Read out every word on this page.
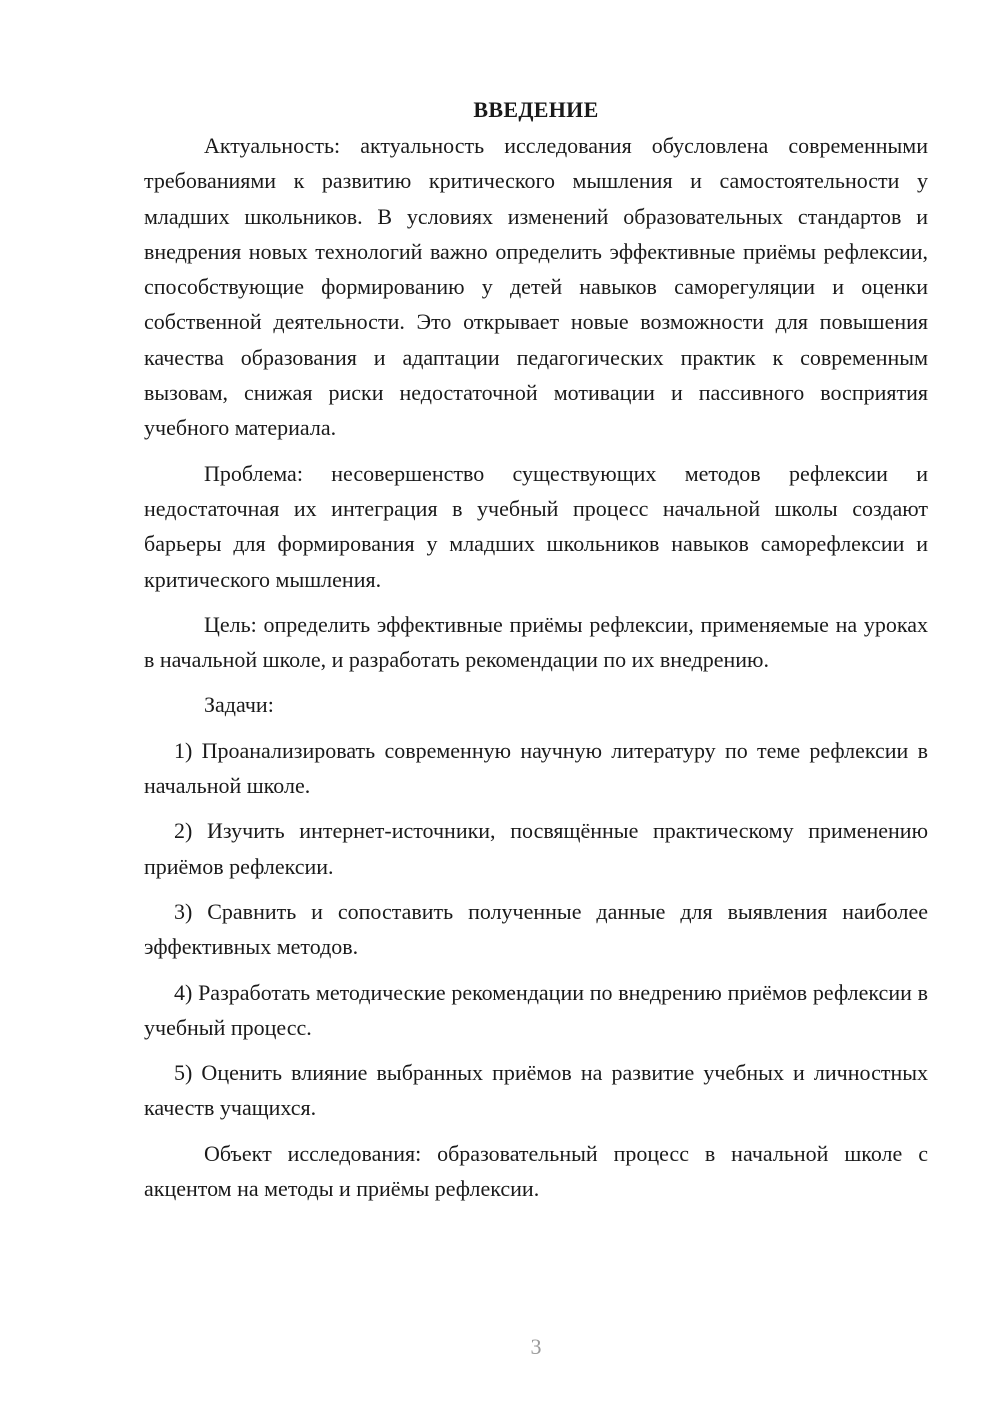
ВВЕДЕНИЕ

Актуальность: актуальность исследования обусловлена современными требованиями к развитию критического мышления и самостоятельности у младших школьников. В условиях изменений образовательных стандартов и внедрения новых технологий важно определить эффективные приёмы рефлексии, способствующие формированию у детей навыков саморегуляции и оценки собственной деятельности. Это открывает новые возможности для повышения качества образования и адаптации педагогических практик к современным вызовам, снижая риски недостаточной мотивации и пассивного восприятия учебного материала.

Проблема: несовершенство существующих методов рефлексии и недостаточная их интеграция в учебный процесс начальной школы создают барьеры для формирования у младших школьников навыков саморефлексии и критического мышления.

Цель: определить эффективные приёмы рефлексии, применяемые на уроках в начальной школе, и разработать рекомендации по их внедрению.

Задачи:

1) Проанализировать современную научную литературу по теме рефлексии в начальной школе.

2) Изучить интернет-источники, посвящённые практическому применению приёмов рефлексии.

3) Сравнить и сопоставить полученные данные для выявления наиболее эффективных методов.

4) Разработать методические рекомендации по внедрению приёмов рефлексии в учебный процесс.

5) Оценить влияние выбранных приёмов на развитие учебных и личностных качеств учащихся.

Объект исследования: образовательный процесс в начальной школе с акцентом на методы и приёмы рефлексии.

3
